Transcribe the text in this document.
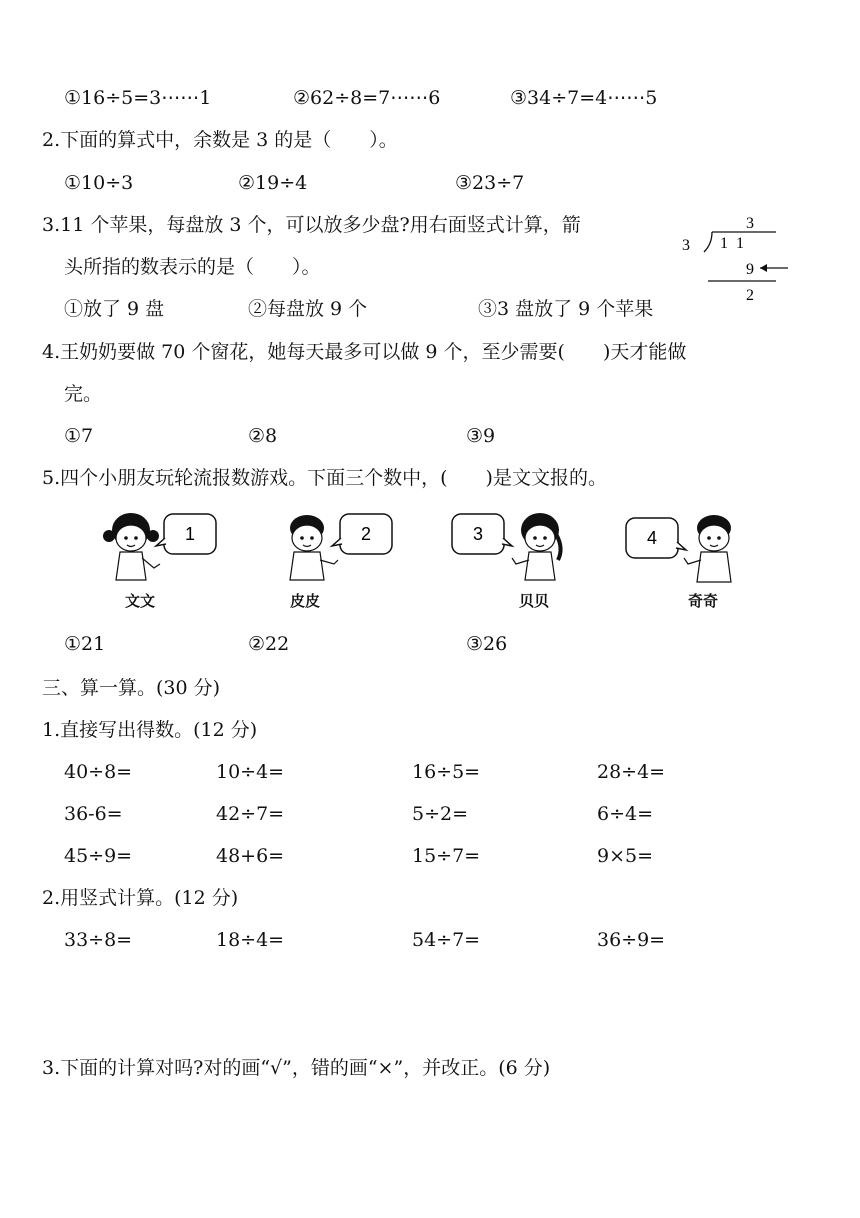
①16÷5=3⋯⋯1	②62÷8=7⋯⋯6	③34÷7=4⋯⋯5
2.下面的算式中，余数是 3 的是（　　）。
①10÷3	②19÷4	③23÷7
3.11 个苹果，每盘放 3 个，可以放多少盘?用右面竖式计算，箭
头所指的数表示的是（　　）。
①放了 9 盘	②每盘放 9 个	③3 盘放了 9 个苹果
3
3 1  1
9
2
4.王奶奶要做 70 个窗花，她每天最多可以做 9 个，至少需要(　　)天才能做
完。
①7	②8	③9
5.四个小朋友玩轮流报数游戏。下面三个数中，(　　)是文文报的。
1
文文
2
皮皮
3
贝贝
4
奇奇
①21	②22	③26
三、算一算。(30 分)
1.直接写出得数。(12 分)
40÷8=	10÷4=	16÷5=	28÷4=
36-6=	42÷7=	5÷2=	6÷4=
45÷9=	48+6=	15÷7=	9×5=
2.用竖式计算。(12 分)
33÷8=	18÷4=	54÷7=	36÷9=
3.下面的计算对吗?对的画“√”，错的画“×”，并改正。(6 分)
